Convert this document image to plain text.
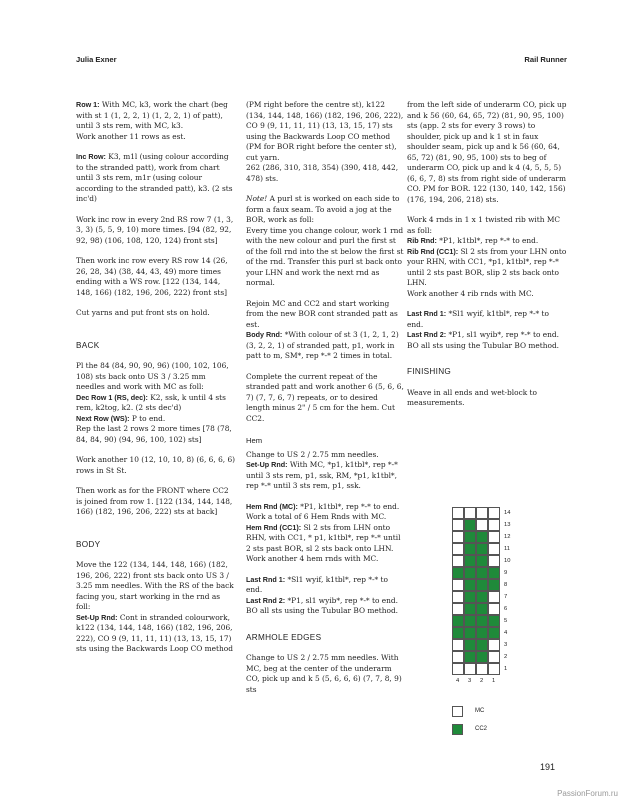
Julia Exner	Rail Runner
Row 1: With MC, k3, work the chart (beg with st 1 (1, 2, 2, 1) (1, 2, 2, 1) of patt), until 3 sts rem, with MC, k3.
Work another 11 rows as est.
Inc Row: K3, m1l (using colour according to the stranded patt), work from chart until 3 sts rem, m1r (using colour according to the stranded patt), k3. (2 sts inc'd)
Work inc row in every 2nd RS row 7 (1, 3, 3, 3) (5, 5, 9, 10) more times. [94 (82, 92, 92, 98) (106, 108, 120, 124) front sts]
Then work inc row every RS row 14 (26, 26, 28, 34) (38, 44, 43, 49) more times ending with a WS row. [122 (134, 144, 148, 166) (182, 196, 206, 222) front sts]
Cut yarns and put front sts on hold.
BACK
Pl the 84 (84, 90, 90, 96) (100, 102, 106, 108) sts back onto US 3 / 3.25 mm needles and work with MC as foll:
Dec Row 1 (RS, dec): K2, ssk, k until 4 sts rem, k2tog, k2. (2 sts dec'd)
Next Row (WS): P to end.
Rep the last 2 rows 2 more times [78 (78, 84, 84, 90) (94, 96, 100, 102) sts]
Work another 10 (12, 10, 10, 8) (6, 6, 6, 6) rows in St St.
Then work as for the FRONT where CC2 is joined from row 1. [122 (134, 144, 148, 166) (182, 196, 206, 222) sts at back]
BODY
Move the 122 (134, 144, 148, 166) (182, 196, 206, 222) front sts back onto US 3 / 3.25 mm needles. With the RS of the back facing you, start working in the rnd as foll:
Set-Up Rnd: Cont in stranded colourwork, k122 (134, 144, 148, 166) (182, 196, 206, 222), CO 9 (9, 11, 11, 11) (13, 13, 15, 17) sts using the Backwards Loop CO method
(PM right before the centre st), k122 (134, 144, 148, 166) (182, 196, 206, 222), CO 9 (9, 11, 11, 11) (13, 13, 15, 17) sts using the Backwards Loop CO method (PM for BOR right before the center st), cut yarn.
262 (286, 310, 318, 354) (390, 418, 442, 478) sts.
Note! A purl st is worked on each side to form a faux seam. To avoid a jog at the BOR, work as foll:
Every time you change colour, work 1 rnd with the new colour and purl the first st of the foll rnd into the st below the first st of the rnd. Transfer this purl st back onto your LHN and work the next rnd as normal.
Rejoin MC and CC2 and start working from the new BOR cont stranded patt as est.
Body Rnd: *With colour of st 3 (1, 2, 1, 2) (3, 2, 2, 1) of stranded patt, p1, work in patt to m, SM*, rep *-* 2 times in total.
Complete the current repeat of the stranded patt and work another 6 (5, 6, 6, 7) (7, 7, 6, 7) repeats, or to desired length minus 2" / 5 cm for the hem. Cut CC2.
Hem
Change to US 2 / 2.75 mm needles.
Set-Up Rnd: With MC, *p1, k1tbl*, rep *-* until 3 sts rem, p1, ssk, RM, *p1, k1tbl*, rep *-* until 3 sts rem, p1, ssk.
Hem Rnd (MC): *P1, k1tbl*, rep *-* to end.
Work a total of 6 Hem Rnds with MC.
Hem Rnd (CC1): Sl 2 sts from LHN onto RHN, with CC1, * p1, k1tbl*, rep *-* until 2 sts past BOR, sl 2 sts back onto LHN.
Work another 4 hem rnds with MC.
Last Rnd 1: *Sl1 wyif, k1tbl*, rep *-* to end.
Last Rnd 2: *P1, sl1 wyib*, rep *-* to end.
BO all sts using the Tubular BO method.
ARMHOLE EDGES
Change to US 2 / 2.75 mm needles. With MC, beg at the center of the underarm CO, pick up and k 5 (5, 6, 6, 6) (7, 7, 8, 9) sts
from the left side of underarm CO, pick up and k 56 (60, 64, 65, 72) (81, 90, 95, 100) sts (app. 2 sts for every 3 rows) to shoulder, pick up and k 1 st in faux shoulder seam, pick up and k 56 (60, 64, 65, 72) (81, 90, 95, 100) sts to beg of underarm CO, pick up and k 4 (4, 5, 5, 5) (6, 6, 7, 8) sts from right side of underarm CO. PM for BOR. 122 (130, 140, 142, 156) (176, 194, 206, 218) sts.
Work 4 rnds in 1 x 1 twisted rib with MC as foll:
Rib Rnd: *P1, k1tbl*, rep *-* to end.
Rib Rnd (CC1): Sl 2 sts from your LHN onto your RHN, with CC1, *p1, k1tbl*, rep *-* until 2 sts past BOR, slip 2 sts back onto LHN.
Work another 4 rib rnds with MC.
Last Rnd 1: *Sl1 wyif, k1tbl*, rep *-* to end.
Last Rnd 2: *P1, sl1 wyib*, rep *-* to end.
BO all sts using the Tubular BO method.
FINISHING
Weave in all ends and wet-block to measurements.
14
13
12
11
10
9
8
7
6
5
4
3
2
1
4 3 2 1
MC
CC2
191
PassionForum.ru
